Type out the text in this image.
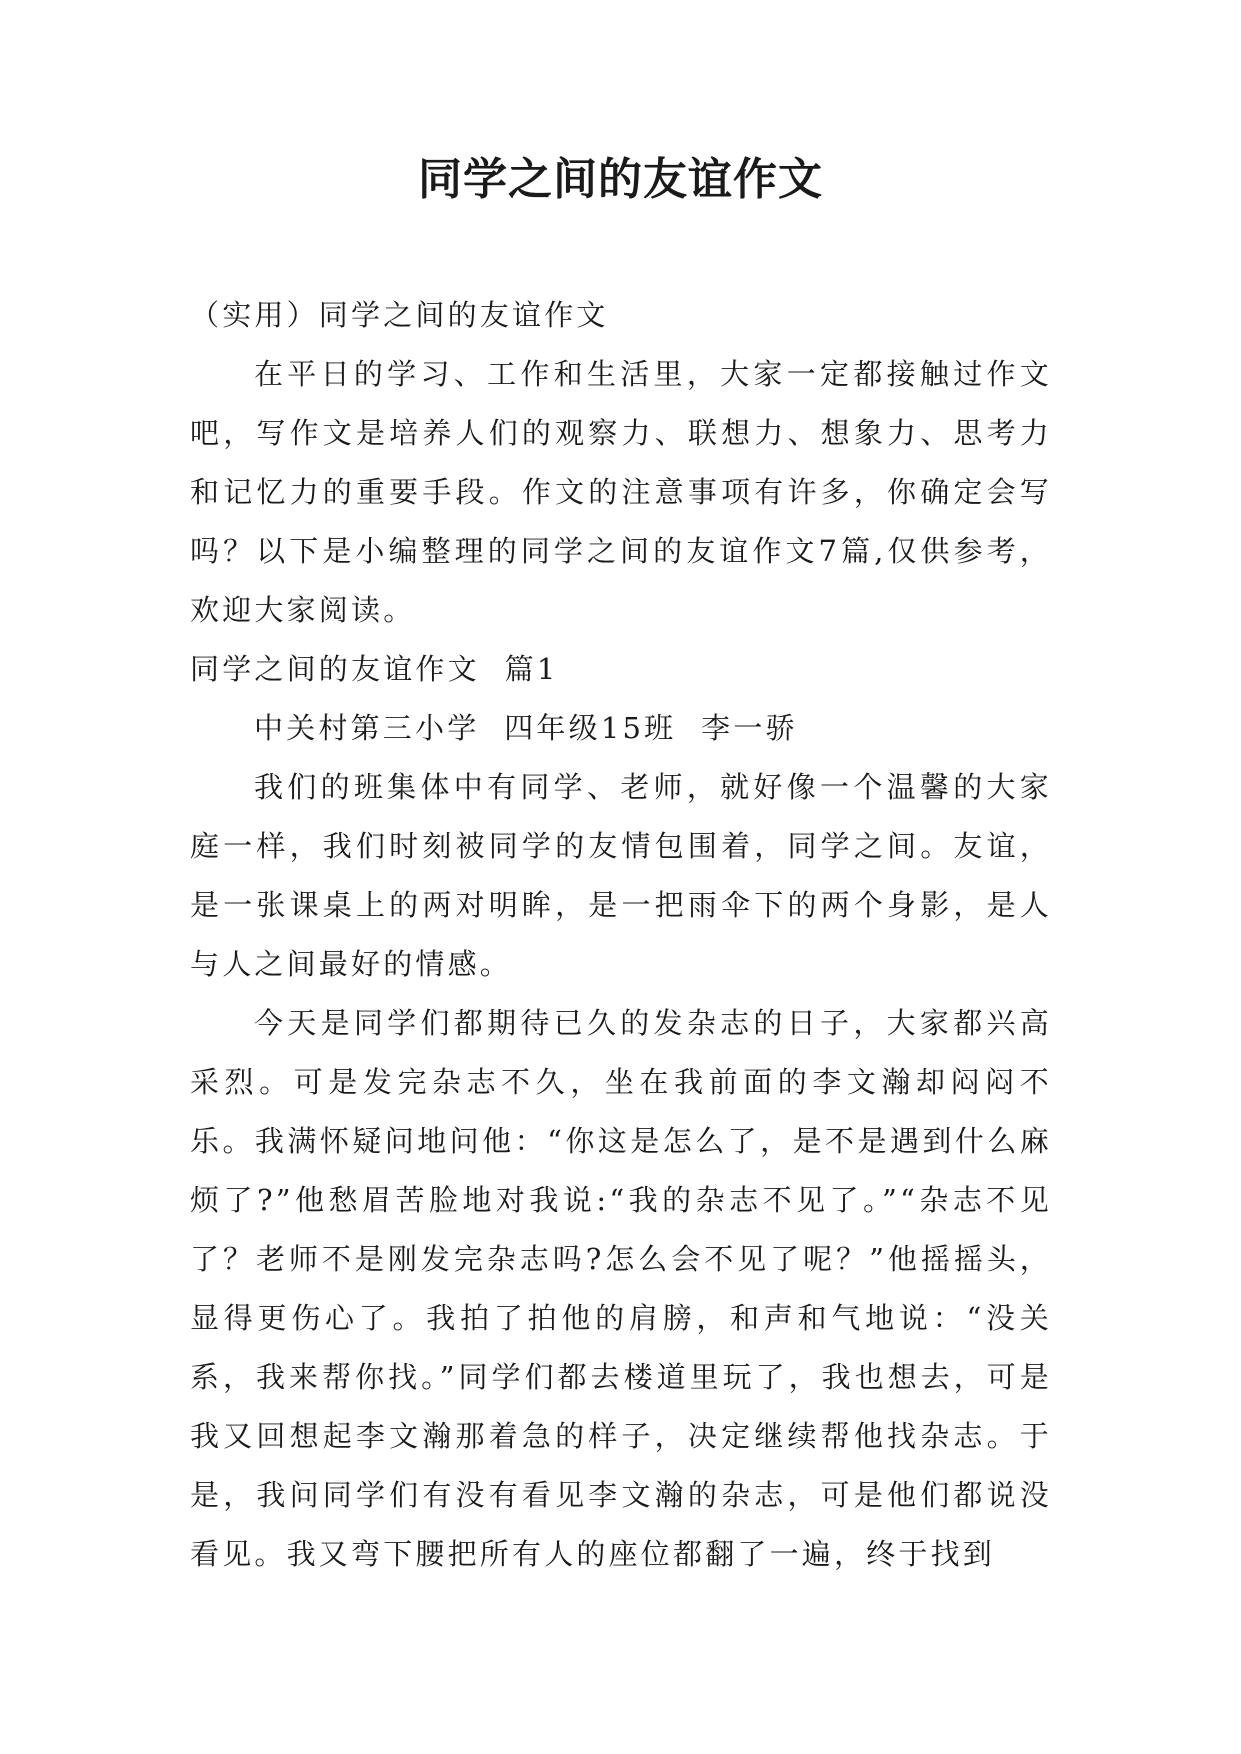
同学之间的友谊作文

（实用）同学之间的友谊作文

在平日的学习、工作和生活里，大家一定都接触过作文吧，写作文是培养人们的观察力、联想力、想象力、思考力和记忆力的重要手段。作文的注意事项有许多，你确定会写吗？以下是小编整理的同学之间的友谊作文7篇,仅供参考，欢迎大家阅读。

同学之间的友谊作文  篇1

中关村第三小学  四年级15班  李一骄

我们的班集体中有同学、老师，就好像一个温馨的大家庭一样，我们时刻被同学的友情包围着，同学之间。友谊，是一张课桌上的两对明眸，是一把雨伞下的两个身影，是人与人之间最好的情感。

今天是同学们都期待已久的发杂志的日子，大家都兴高采烈。可是发完杂志不久，坐在我前面的李文瀚却闷闷不乐。我满怀疑问地问他：“你这是怎么了，是不是遇到什么麻烦了?”他愁眉苦脸地对我说:“我的杂志不见了。”“杂志不见了？老师不是刚发完杂志吗?怎么会不见了呢？”他摇摇头，显得更伤心了。我拍了拍他的肩膀，和声和气地说：“没关系，我来帮你找。”同学们都去楼道里玩了，我也想去，可是我又回想起李文瀚那着急的样子，决定继续帮他找杂志。于是，我问同学们有没有看见李文瀚的杂志，可是他们都说没看见。我又弯下腰把所有人的座位都翻了一遍，终于找到
